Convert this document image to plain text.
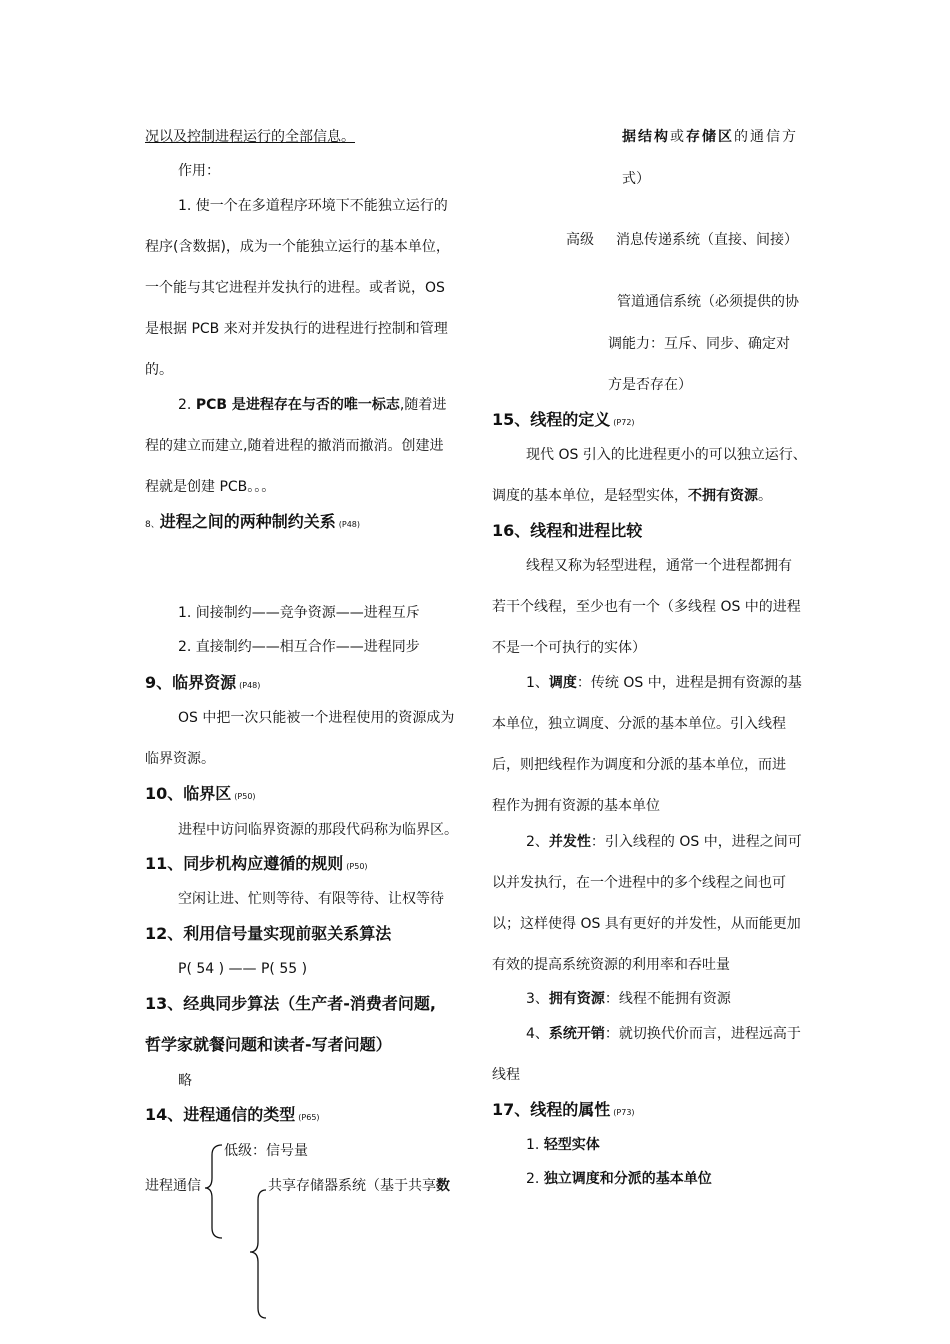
况以及控制进程运行的全部信息。
作用：
1. 使一个在多道程序环境下不能独立运行的
程序(含数据)，成为一个能独立运行的基本单位，
一个能与其它进程并发执行的进程。或者说，OS
是根据 PCB 来对并发执行的进程进行控制和管理
的。
2. PCB 是进程存在与否的唯一标志,随着进
程的建立而建立,随着进程的撤消而撤消。创建进
程就是创建 PCB。。。
8、进程之间的两种制约关系 (P48)
1. 间接制约——竞争资源——进程互斥
2. 直接制约——相互合作——进程同步
9、临界资源 (P48)
OS 中把一次只能被一个进程使用的资源成为
临界资源。
10、临界区 (P50)
进程中访问临界资源的那段代码称为临界区。
11、同步机构应遵循的规则 (P50)
空闲让进、忙则等待、有限等待、让权等待
12、利用信号量实现前驱关系算法
P( 54 ) —— P( 55 )
13、经典同步算法（生产者-消费者问题,
哲学家就餐问题和读者-写者问题）
略
14、进程通信的类型 (P65)
进程通信
低级：信号量
共享存储器系统（基于共享数
据结构或存储区的通信方
式）
高级 消息传递系统（直接、间接）
管道通信系统（必须提供的协
调能力：互斥、同步、确定对
方是否存在）
15、线程的定义 (P72)
现代 OS 引入的比进程更小的可以独立运行、
调度的基本单位，是轻型实体，不拥有资源。
16、线程和进程比较
线程又称为轻型进程，通常一个进程都拥有
若干个线程，至少也有一个（多线程 OS 中的进程
不是一个可执行的实体）
1、调度：传统 OS 中，进程是拥有资源的基
本单位，独立调度、分派的基本单位。引入线程
后，则把线程作为调度和分派的基本单位，而进
程作为拥有资源的基本单位
2、并发性：引入线程的 OS 中，进程之间可
以并发执行，在一个进程中的多个线程之间也可
以；这样使得 OS 具有更好的并发性，从而能更加
有效的提高系统资源的利用率和吞吐量
3、拥有资源：线程不能拥有资源
4、系统开销：就切换代价而言，进程远高于
线程
17、线程的属性 (P73)
1. 轻型实体
2. 独立调度和分派的基本单位
